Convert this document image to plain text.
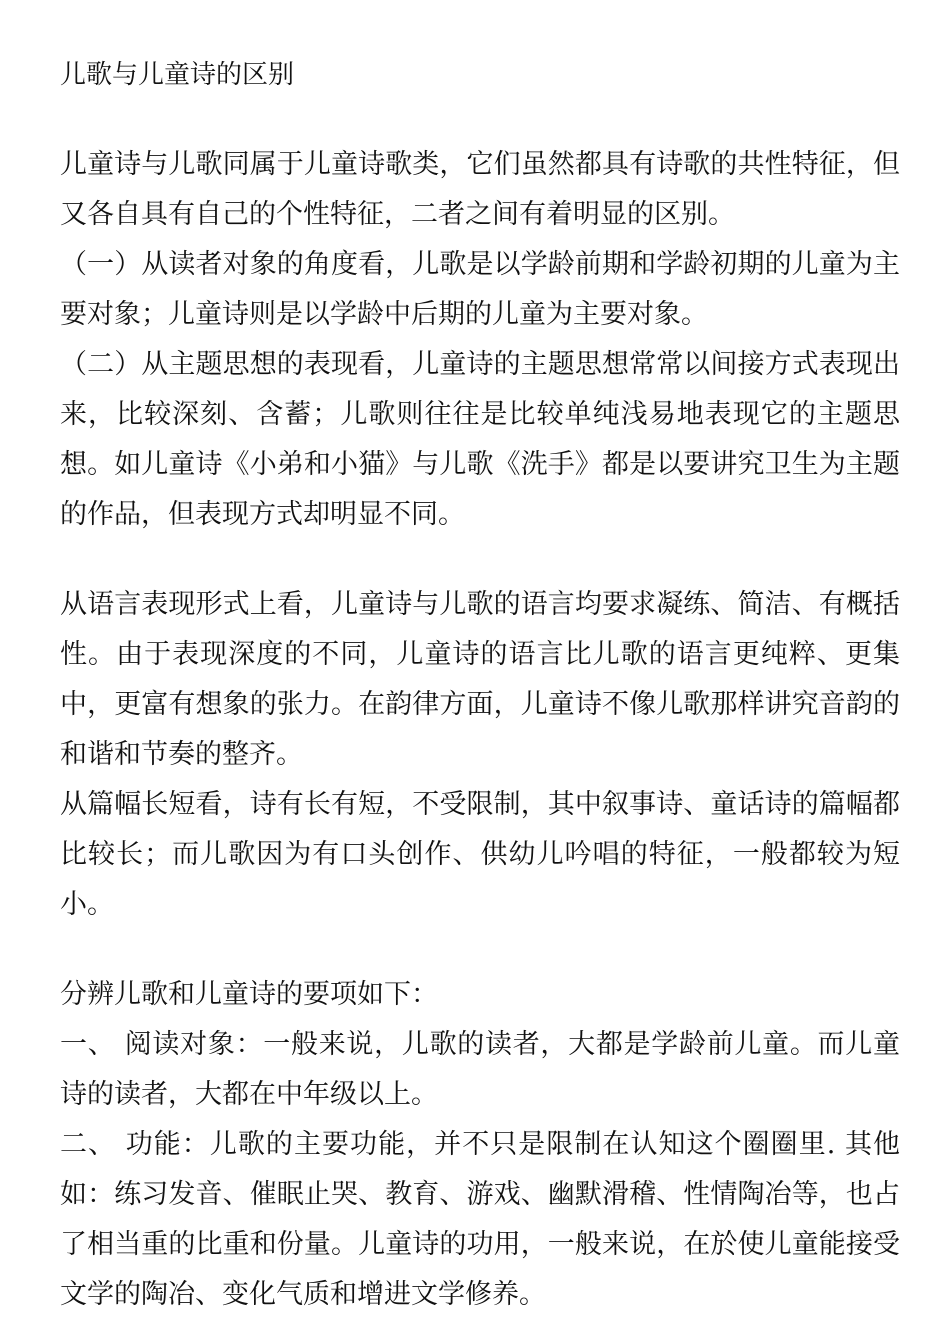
儿歌与儿童诗的区别

儿童诗与儿歌同属于儿童诗歌类，它们虽然都具有诗歌的共性特征，但又各自具有自己的个性特征，二者之间有着明显的区别。

（一）从读者对象的角度看，儿歌是以学龄前期和学龄初期的儿童为主要对象；儿童诗则是以学龄中后期的儿童为主要对象。

（二）从主题思想的表现看，儿童诗的主题思想常常以间接方式表现出来，比较深刻、含蓄；儿歌则往往是比较单纯浅易地表现它的主题思想。如儿童诗《小弟和小猫》与儿歌《洗手》都是以要讲究卫生为主题的作品，但表现方式却明显不同。

从语言表现形式上看，儿童诗与儿歌的语言均要求凝练、简洁、有概括性。由于表现深度的不同，儿童诗的语言比儿歌的语言更纯粹、更集中，更富有想象的张力。在韵律方面，儿童诗不像儿歌那样讲究音韵的和谐和节奏的整齐。

从篇幅长短看，诗有长有短，不受限制，其中叙事诗、童话诗的篇幅都比较长；而儿歌因为有口头创作、供幼儿吟唱的特征，一般都较为短小。

分辨儿歌和儿童诗的要项如下：

一、 阅读对象：一般来说，儿歌的读者，大都是学龄前儿童。而儿童诗的读者，大都在中年级以上。

二、 功能：儿歌的主要功能，并不只是限制在认知这个圈圈里. 其他如：练习发音、催眠止哭、教育、游戏、幽默滑稽、性情陶冶等，也占了相当重的比重和份量。儿童诗的功用，一般来说，在於使儿童能接受文学的陶冶、变化气质和增进文学修养。
